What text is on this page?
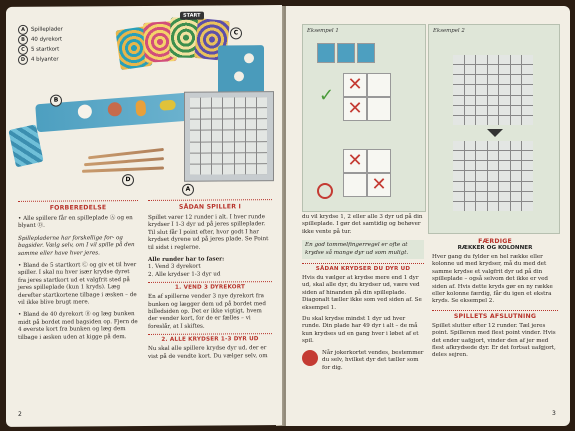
A Spilleplader
B 40 dyrekort
C 5 startkort
D 4 blyanter
START
A
B
C
D
FORBEREDELSE
• Alle spillere får en spilleplade Ⓐ og en blyant Ⓓ.
Spillepladerne har forskellige for- og bagsider. Vælg selv, om I vil spille på den samme eller have hver jeres.
• Bland de 5 startkort Ⓒ og giv et til hver spiller. I skal nu hver især krydse dyret fra jeres startkort ud et valgfrit sted på jeres spilleplade (kun 1 kryds). Læg derefter startkortene tilbage i æsken – de vil ikke blive brugt mere.
• Bland de 40 dyrekort Ⓑ og læg bunken midt på bordet med bagsiden op. Fjern de 4 øverste kort fra bunken og læg dem tilbage i æsken uden at kigge på dem.
2
SÅDAN SPILLER I
Spillet varer 12 runder i alt. I hver runde krydser I 1-3 dyr ud på jeres spilleplader. Til slut får I point efter, hvor godt I har krydset dyrene ud på jeres plade. Se Point til sidst i reglerne.
Alle runder har to faser:
1. Vend 3 dyrekort
2. Alle krydser 1-3 dyr ud
1. VEND 3 DYREKORT
En af spillerne vender 3 nye dyrekort fra bunken og lægger dem ud på bordet med billedsiden op. Det er ikke vigtigt, hvem der vender kort, for de er fælles – vi foreslår, at I skiftes.
2. ALLE KRYDSER 1-3 DYR UD
Nu skal alle spillere krydse dyr ud, der er vist på de vendte kort. Du vælger selv, om
Eksempel 1
✕
✕
✓
✕
✕
Eksempel 2
du vil krydse 1, 2 eller alle 3 dyr ud på din spilleplade. I gør det samtidig og behøver ikke vente på tur.
En god tommelfingerregel er ofte at krydse så mange dyr ud som muligt.
SÅDAN KRYDSER DU DYR UD
Hvis du vælger at krydse mere end 1 dyr ud, skal alle dyr, du krydser ud, være ved siden af hinanden på din spilleplade. Diagonalt tæller ikke som ved siden af. Se eksempel 1.
Du skal krydse mindst 1 dyr ud hver runde. Din plade har 49 dyr i alt – de må kun krydses ud en gang hver i løbet af et spil.
Når jokerkortet vendes, bestemmer du selv, hvilket dyr det tæller som for dig.
FÆRDIGE
RÆKKER OG KOLONNER
Hver gang du fylder en hel række eller kolonne ud med krydser, må du med det samme krydse et valgfrit dyr ud på din spilleplade – også selvom det ikke er ved siden af. Hvis dette kryds gør en ny række eller kolonne færdig, får du igen et ekstra kryds. Se eksempel 2.
SPILLETS AFSLUTNING
Spillet slutter efter 12 runder. Tæl jeres point. Spilleren med flest point vinder. Hvis det ender uafgjort, vinder den af jer med flest afkrydsede dyr. Er det fortsat uafgjort, deles sejren.
3
